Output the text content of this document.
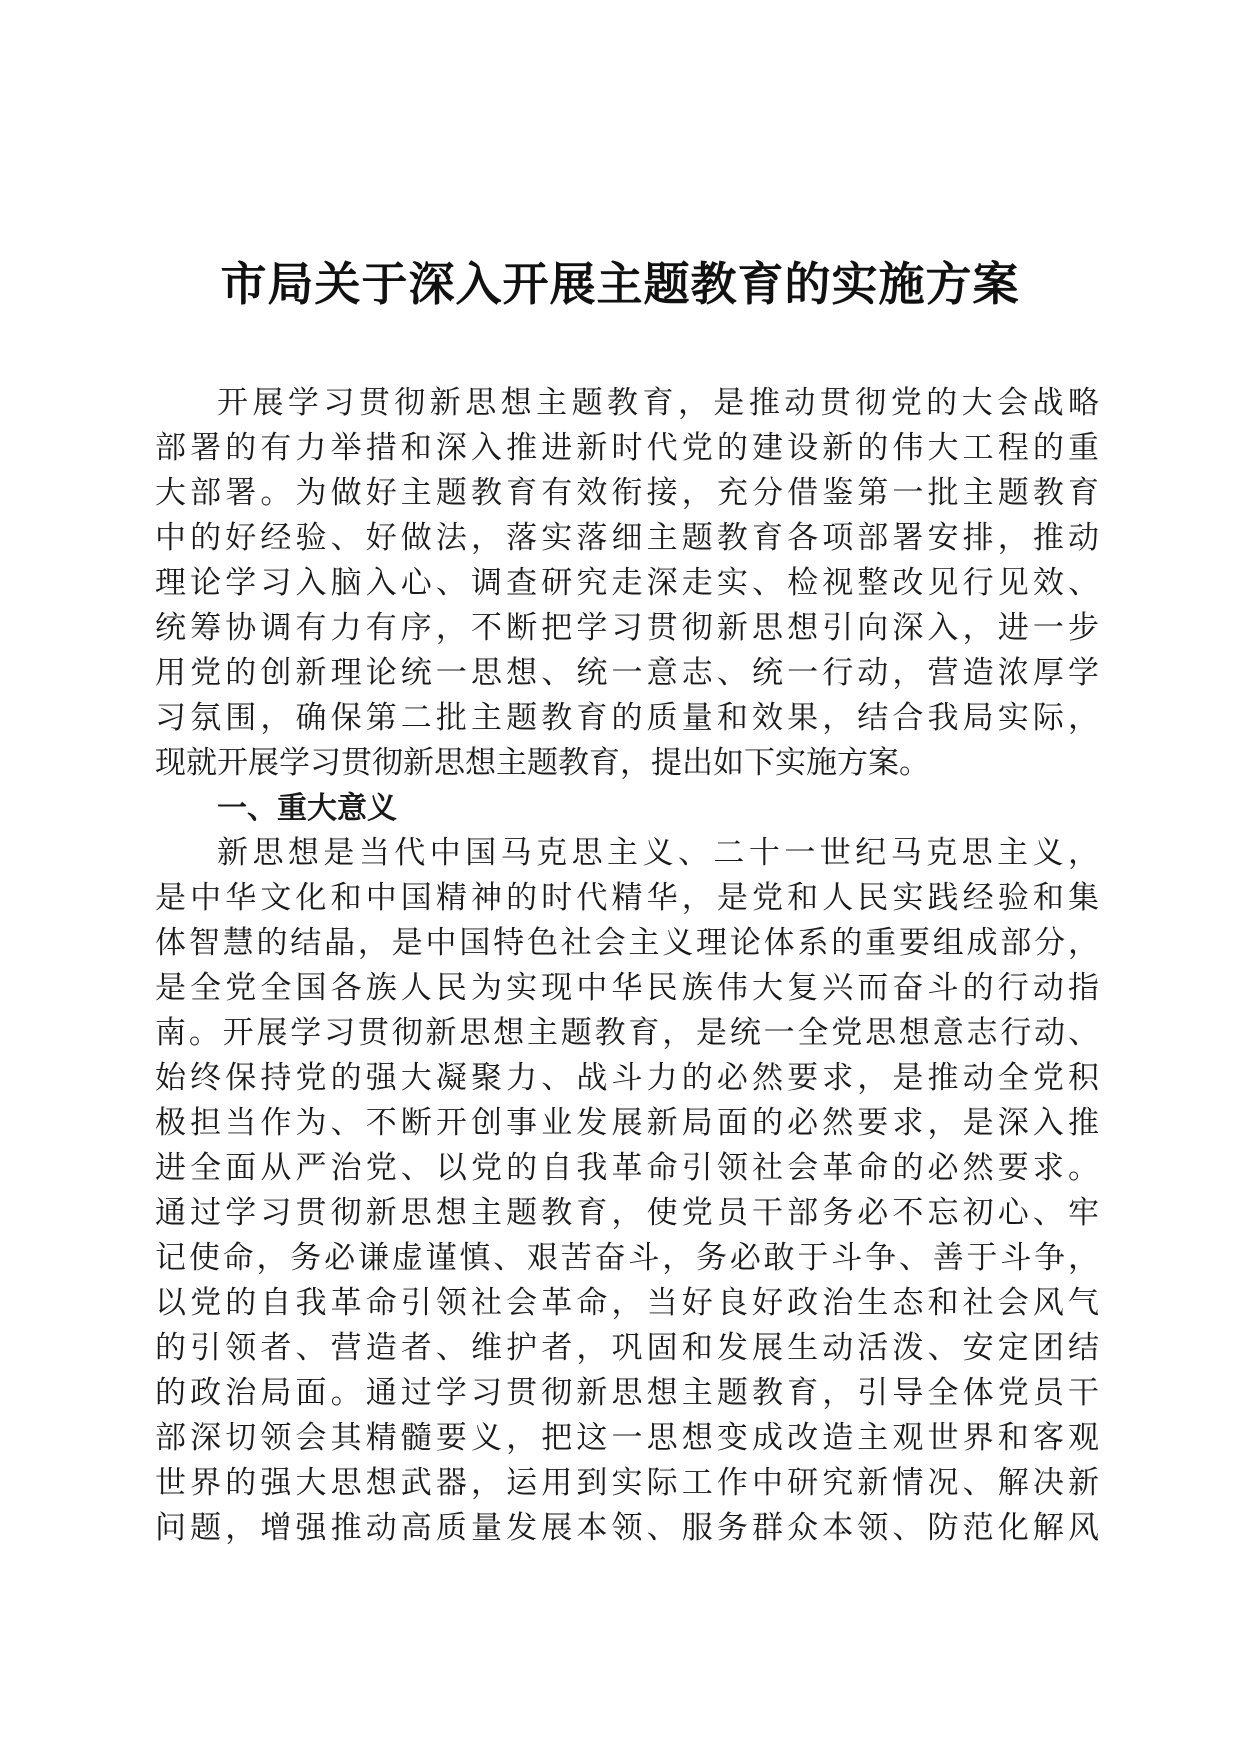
市局关于深入开展主题教育的实施方案
开展学习贯彻新思想主题教育，是推动贯彻党的大会战略
部署的有力举措和深入推进新时代党的建设新的伟大工程的重
大部署。为做好主题教育有效衔接，充分借鉴第一批主题教育
中的好经验、好做法，落实落细主题教育各项部署安排，推动
理论学习入脑入心、调查研究走深走实、检视整改见行见效、
统筹协调有力有序，不断把学习贯彻新思想引向深入，进一步
用党的创新理论统一思想、统一意志、统一行动，营造浓厚学
习氛围，确保第二批主题教育的质量和效果，结合我局实际，
现就开展学习贯彻新思想主题教育，提出如下实施方案。
一、重大意义
新思想是当代中国马克思主义、二十一世纪马克思主义，
是中华文化和中国精神的时代精华，是党和人民实践经验和集
体智慧的结晶，是中国特色社会主义理论体系的重要组成部分，
是全党全国各族人民为实现中华民族伟大复兴而奋斗的行动指
南。开展学习贯彻新思想主题教育，是统一全党思想意志行动、
始终保持党的强大凝聚力、战斗力的必然要求，是推动全党积
极担当作为、不断开创事业发展新局面的必然要求，是深入推
进全面从严治党、以党的自我革命引领社会革命的必然要求。
通过学习贯彻新思想主题教育，使党员干部务必不忘初心、牢
记使命，务必谦虚谨慎、艰苦奋斗，务必敢于斗争、善于斗争，
以党的自我革命引领社会革命，当好良好政治生态和社会风气
的引领者、营造者、维护者，巩固和发展生动活泼、安定团结
的政治局面。通过学习贯彻新思想主题教育，引导全体党员干
部深切领会其精髓要义，把这一思想变成改造主观世界和客观
世界的强大思想武器，运用到实际工作中研究新情况、解决新
问题，增强推动高质量发展本领、服务群众本领、防范化解风
